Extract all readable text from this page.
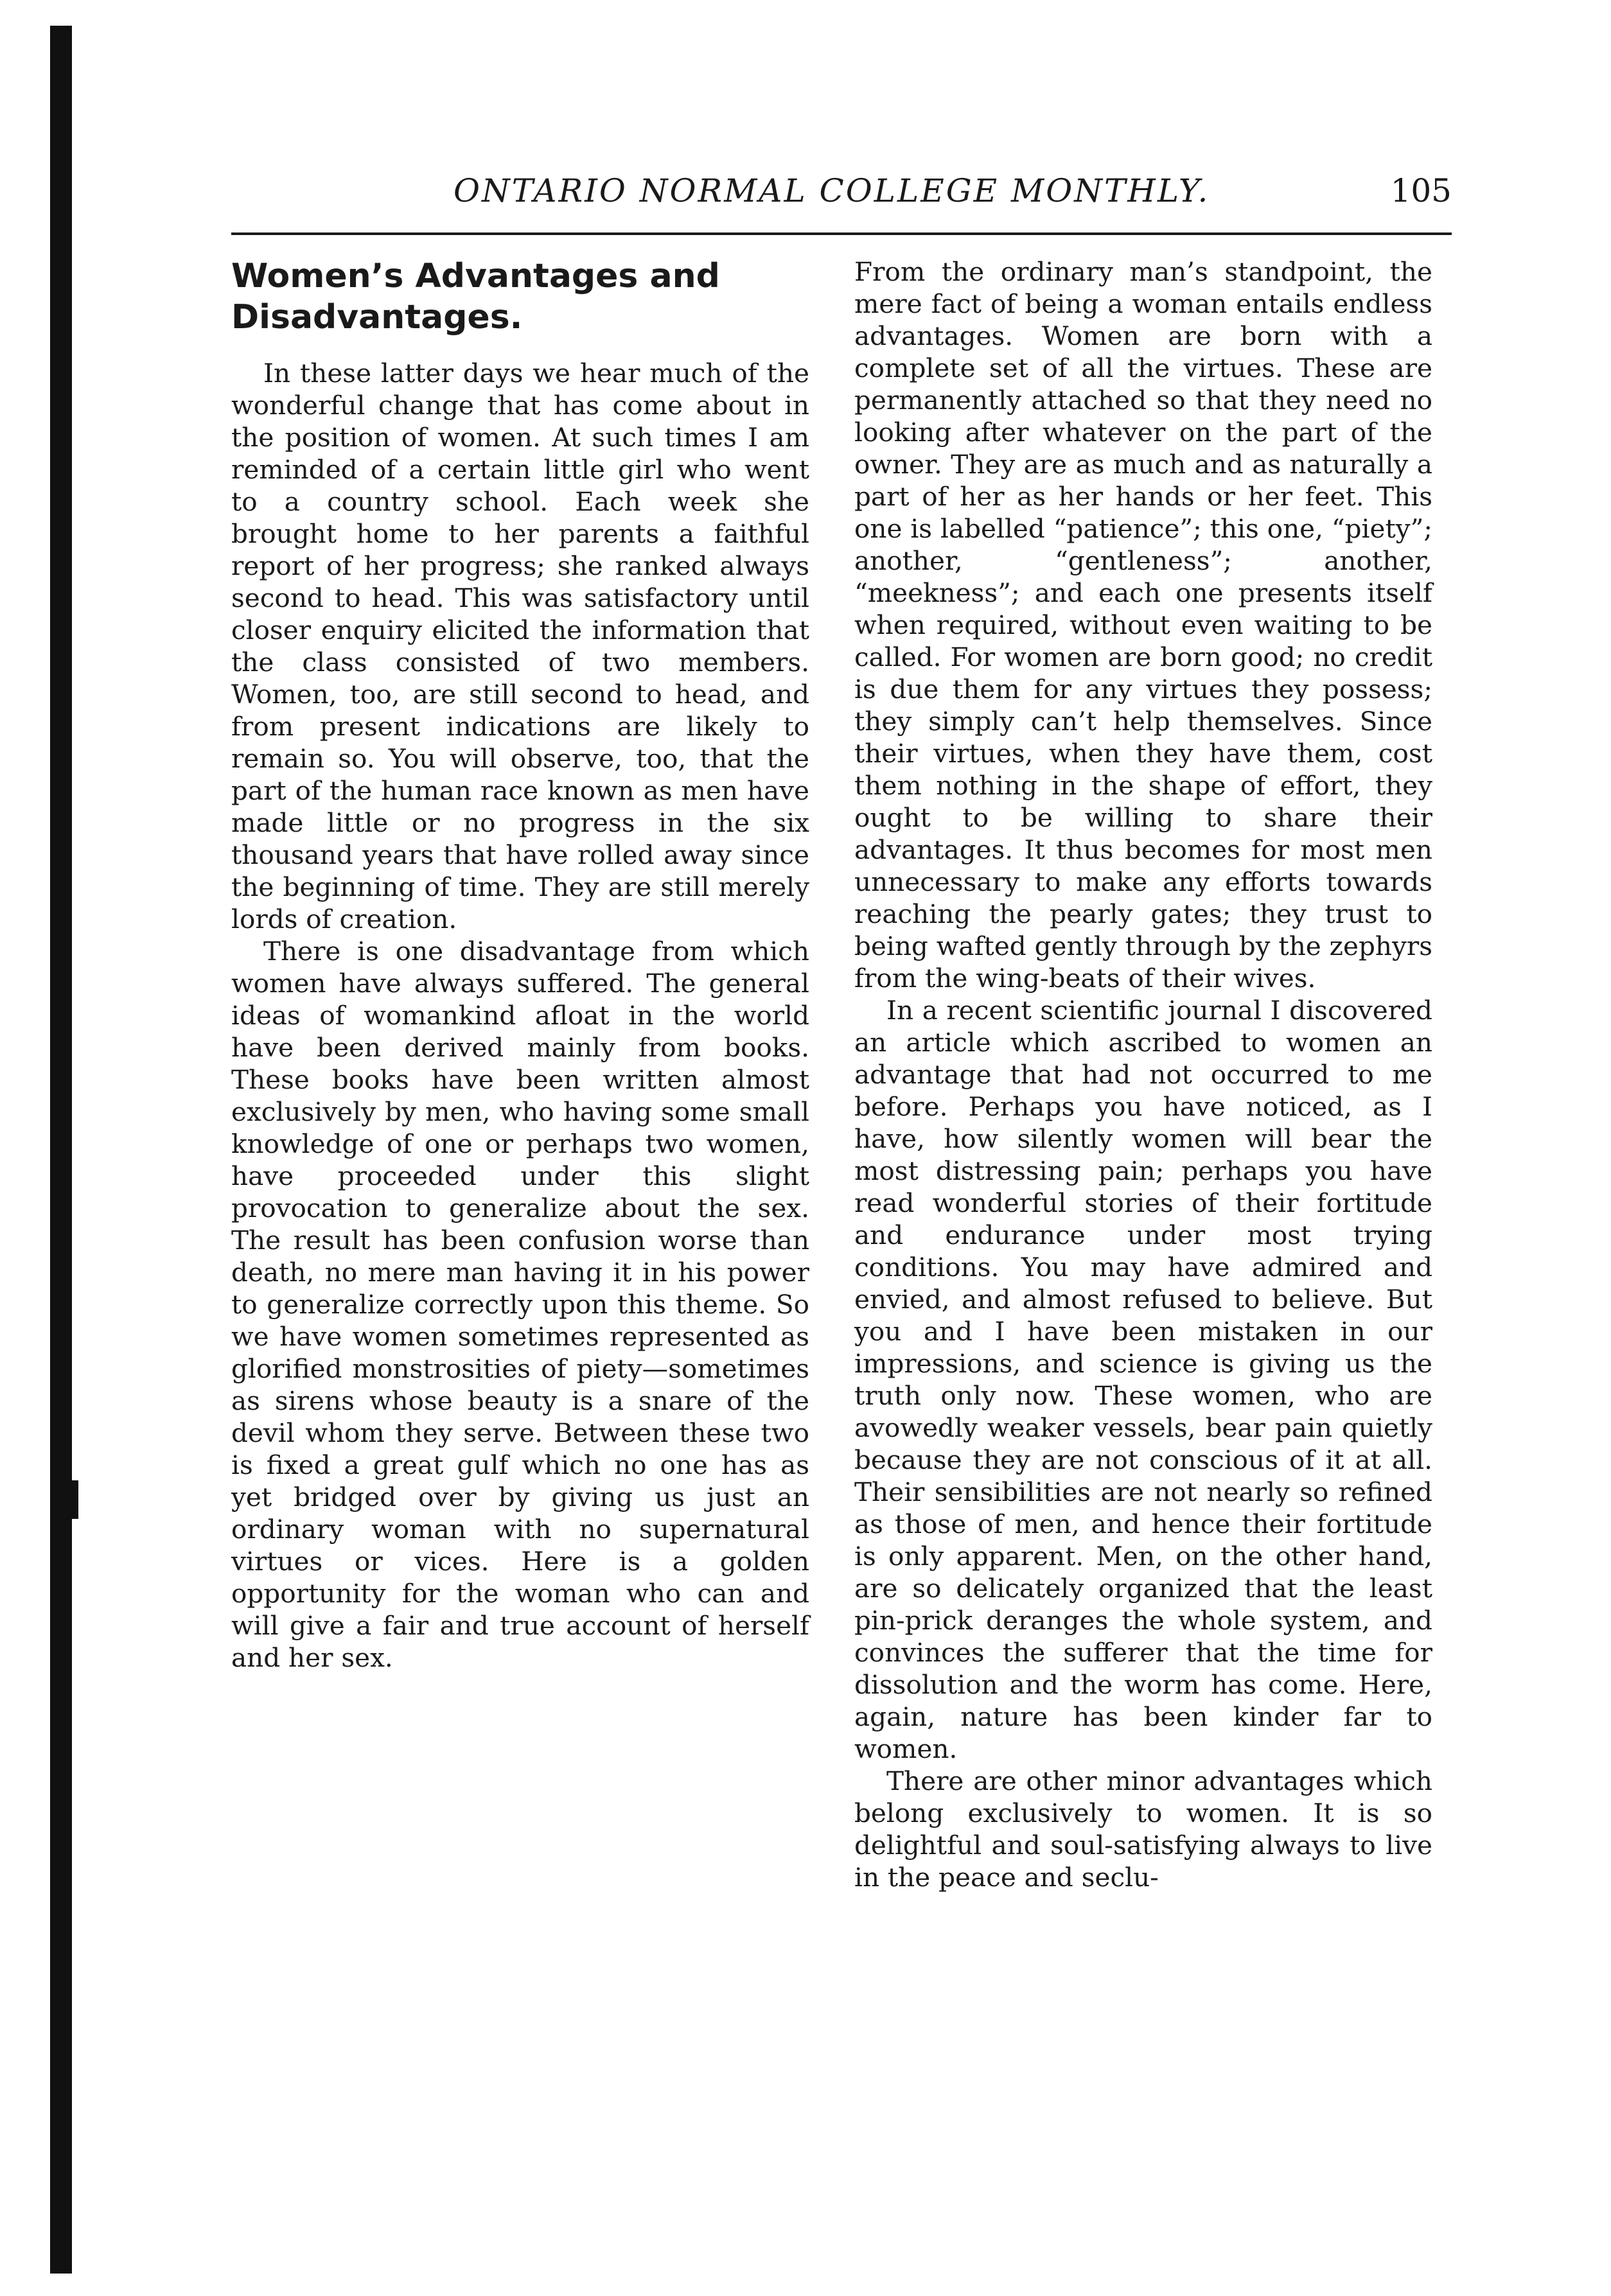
ONTARIO NORMAL COLLEGE MONTHLY.	105
Women’s Advantages and Disadvantages.

In these latter days we hear much of the wonderful change that has come about in the position of women. At such times I am reminded of a certain little girl who went to a country school. Each week she brought home to her parents a faithful report of her progress; she ranked always second to head. This was satisfactory until closer enquiry elicited the information that the class consisted of two members. Women, too, are still second to head, and from present indications are likely to remain so. You will observe, too, that the part of the human race known as men have made little or no progress in the six thousand years that have rolled away since the beginning of time. They are still merely lords of creation.

There is one disadvantage from which women have always suffered. The general ideas of womankind afloat in the world have been derived mainly from books. These books have been written almost exclusively by men, who having some small knowledge of one or perhaps two women, have proceeded under this slight provocation to generalize about the sex. The result has been confusion worse than death, no mere man having it in his power to generalize correctly upon this theme. So we have women sometimes represented as glorified monstrosities of piety—sometimes as sirens whose beauty is a snare of the devil whom they serve. Between these two is fixed a great gulf which no one has as yet bridged over by giving us just an ordinary woman with no supernatural virtues or vices. Here is a golden opportunity for the woman who can and will give a fair and true account of herself and her sex.

From the ordinary man’s standpoint, the mere fact of being a woman entails endless advantages. Women are born with a complete set of all the virtues. These are permanently attached so that they need no looking after whatever on the part of the owner. They are as much and as naturally a part of her as her hands or her feet. This one is labelled “patience”; this one, “piety”; another, “gentleness”; another, “meekness”; and each one presents itself when required, without even waiting to be called. For women are born good; no credit is due them for any virtues they possess; they simply can’t help themselves. Since their virtues, when they have them, cost them nothing in the shape of effort, they ought to be willing to share their advantages. It thus becomes for most men unnecessary to make any efforts towards reaching the pearly gates; they trust to being wafted gently through by the zephyrs from the wing-beats of their wives.

In a recent scientific journal I discovered an article which ascribed to women an advantage that had not occurred to me before. Perhaps you have noticed, as I have, how silently women will bear the most distressing pain; perhaps you have read wonderful stories of their fortitude and endurance under most trying conditions. You may have admired and envied, and almost refused to believe. But you and I have been mistaken in our impressions, and science is giving us the truth only now. These women, who are avowedly weaker vessels, bear pain quietly because they are not conscious of it at all. Their sensibilities are not nearly so refined as those of men, and hence their fortitude is only apparent. Men, on the other hand, are so delicately organized that the least pin-prick deranges the whole system, and convinces the sufferer that the time for dissolution and the worm has come. Here, again, nature has been kinder far to women.

There are other minor advantages which belong exclusively to women. It is so delightful and soul-satisfying always to live in the peace and seclu-
